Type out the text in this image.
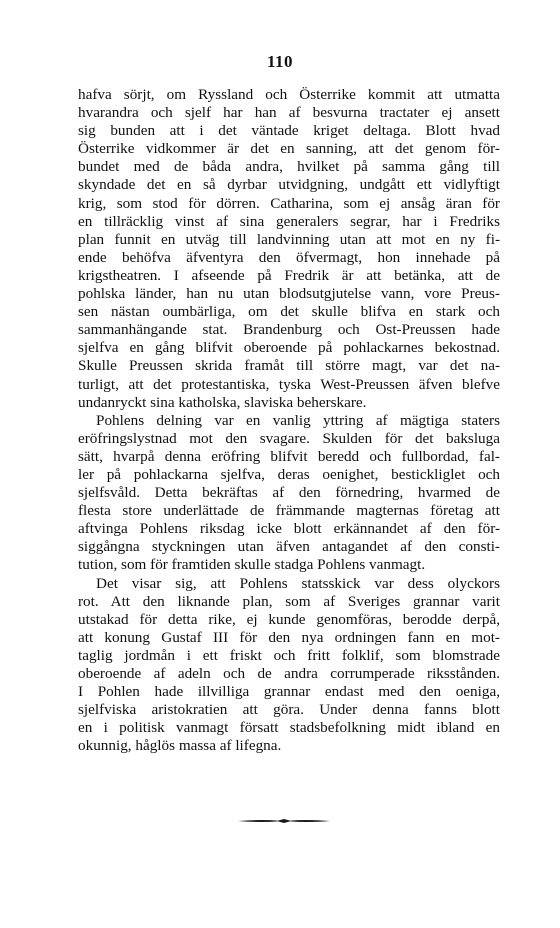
110
hafva sörjt, om Ryssland och Österrike kommit att utmatta
hvarandra och sjelf har han af besvurna tractater ej ansett
sig bunden att i det väntade kriget deltaga. Blott hvad
Österrike vidkommer är det en sanning, att det genom för-
bundet med de båda andra, hvilket på samma gång till
skyndade det en så dyrbar utvidgning, undgått ett vidlyftigt
krig, som stod för dörren. Catharina, som ej ansåg äran för
en tillräcklig vinst af sina generalers segrar, har i Fredriks
plan funnit en utväg till landvinning utan att mot en ny fi-
ende behöfva äfventyra den öfvermagt, hon innehade på
krigstheatren. I afseende på Fredrik är att betänka, att de
pohlska länder, han nu utan blodsutgjutelse vann, vore Preus-
sen nästan oumbärliga, om det skulle blifva en stark och
sammanhängande stat. Brandenburg och Ost-Preussen hade
sjelfva en gång blifvit oberoende på pohlackarnes bekostnad.
Skulle Preussen skrida framåt till större magt, var det na-
turligt, att det protestantiska, tyska West-Preussen äfven blefve
undanryckt sina katholska, slaviska beherskare.
Pohlens delning var en vanlig yttring af mägtiga staters
eröfringslystnad mot den svagare. Skulden för det baksluga
sätt, hvarpå denna eröfring blifvit beredd och fullbordad, fal-
ler på pohlackarna sjelfva, deras oenighet, bestickliglet och
sjelfsvåld. Detta bekräftas af den förnedring, hvarmed de
flesta store underlättade de främmande magternas företag att
aftvinga Pohlens riksdag icke blott erkännandet af den för-
siggångna styckningen utan äfven antagandet af den consti-
tution, som för framtiden skulle stadga Pohlens vanmagt.
Det visar sig, att Pohlens statsskick var dess olyckors
rot. Att den liknande plan, som af Sveriges grannar varit
utstakad för detta rike, ej kunde genomföras, berodde derpå,
att konung Gustaf III för den nya ordningen fann en mot-
taglig jordmån i ett friskt och fritt folklif, som blomstrade
oberoende af adeln och de andra corrumperade riksstånden.
I Pohlen hade illvilliga grannar endast med den oeniga,
sjelfviska aristokratien att göra. Under denna fanns blott
en i politisk vanmagt försatt stadsbefolkning midt ibland en
okunnig, håglös massa af lifegna.
